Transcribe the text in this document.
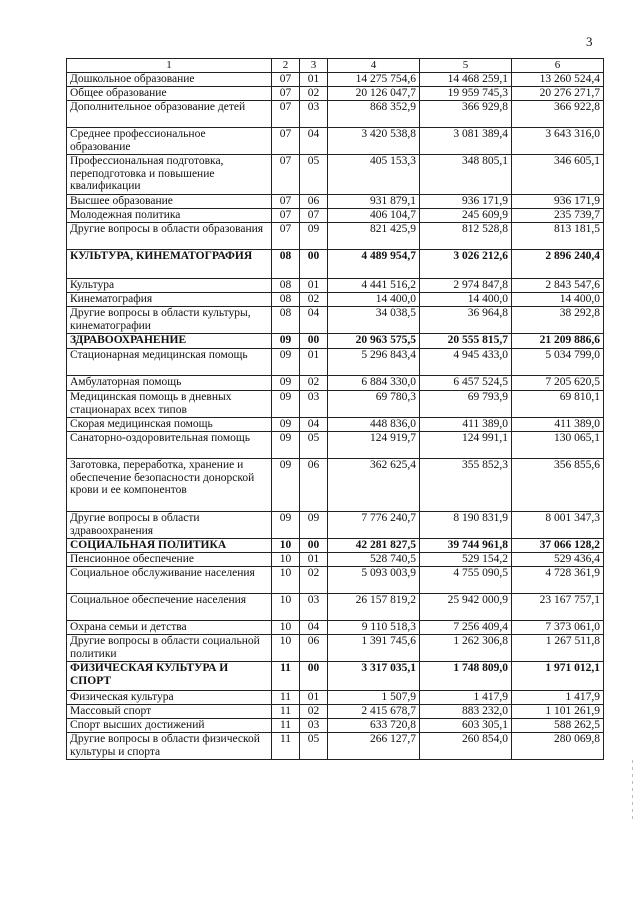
3
1	2	3	4	5	6
Дошкольное образование	07	01	14 275 754,6	14 468 259,1	13 260 524,4
Общее образование	07	02	20 126 047,7	19 959 745,3	20 276 271,7
Дополнительное образование детей	07	03	868 352,9	366 929,8	366 922,8
Среднее профессиональное образование	07	04	3 420 538,8	3 081 389,4	3 643 316,0
Профессиональная подготовка, переподготовка и повышение квалификации	07	05	405 153,3	348 805,1	346 605,1
Высшее образование	07	06	931 879,1	936 171,9	936 171,9
Молодежная политика	07	07	406 104,7	245 609,9	235 739,7
Другие вопросы в области образования	07	09	821 425,9	812 528,8	813 181,5
КУЛЬТУРА, КИНЕМАТОГРАФИЯ	08	00	4 489 954,7	3 026 212,6	2 896 240,4
Культура	08	01	4 441 516,2	2 974 847,8	2 843 547,6
Кинематография	08	02	14 400,0	14 400,0	14 400,0
Другие вопросы в области культуры, кинематографии	08	04	34 038,5	36 964,8	38 292,8
ЗДРАВООХРАНЕНИЕ	09	00	20 963 575,5	20 555 815,7	21 209 886,6
Стационарная медицинская помощь	09	01	5 296 843,4	4 945 433,0	5 034 799,0
Амбулаторная помощь	09	02	6 884 330,0	6 457 524,5	7 205 620,5
Медицинская помощь в дневных стационарах всех типов	09	03	69 780,3	69 793,9	69 810,1
Скорая медицинская помощь	09	04	448 836,0	411 389,0	411 389,0
Санаторно-оздоровительная помощь	09	05	124 919,7	124 991,1	130 065,1
Заготовка, переработка, хранение и обеспечение безопасности донорской крови и ее компонентов	09	06	362 625,4	355 852,3	356 855,6
Другие вопросы в области здравоохранения	09	09	7 776 240,7	8 190 831,9	8 001 347,3
СОЦИАЛЬНАЯ ПОЛИТИКА	10	00	42 281 827,5	39 744 961,8	37 066 128,2
Пенсионное обеспечение	10	01	528 740,5	529 154,2	529 436,4
Социальное обслуживание населения	10	02	5 093 003,9	4 755 090,5	4 728 361,9
Социальное обеспечение населения	10	03	26 157 819,2	25 942 000,9	23 167 757,1
Охрана семьи и детства	10	04	9 110 518,3	7 256 409,4	7 373 061,0
Другие вопросы в области социальной политики	10	06	1 391 745,6	1 262 306,8	1 267 511,8
ФИЗИЧЕСКАЯ КУЛЬТУРА И СПОРТ	11	00	3 317 035,1	1 748 809,0	1 971 012,1
Физическая культура	11	01	1 507,9	1 417,9	1 417,9
Массовый спорт	11	02	2 415 678,7	883 232,0	1 101 261,9
Спорт высших достижений	11	03	633 720,8	603 305,1	588 262,5
Другие вопросы в области физической культуры и спорта	11	05	266 127,7	260 854,0	280 069,8
